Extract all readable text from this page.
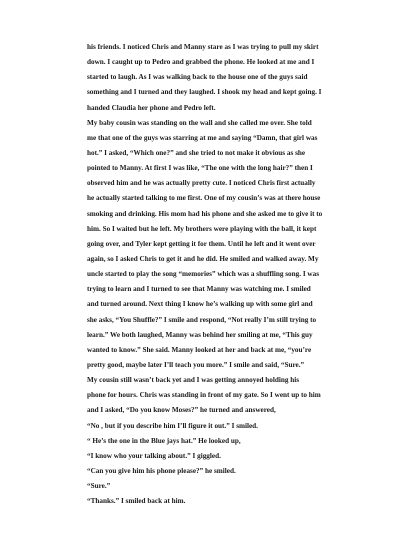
his friends. I noticed Chris and Manny stare as I was trying to pull my skirt
down. I caught up to Pedro and grabbed the phone. He looked at me and I
started to laugh. As I was walking back to the house one of the guys said
something and I turned and they laughed. I shook my head and kept going. I
handed Claudia her phone and Pedro left.
My baby cousin was standing on the wall and she called me over. She told
me that one of the guys was starring at me and saying “Damn, that girl was
hot.” I asked, “Which one?” and she tried to not make it obvious as she
pointed to Manny. At first I was like, “The one with the long hair?” then I
observed him and he was actually pretty cute. I noticed Chris first actually
he actually started talking to me first. One of my cousin’s was at there house
smoking and drinking. His mom had his phone and she asked me to give it to
him. So I waited but he left. My brothers were playing with the ball, it kept
going over, and Tyler kept getting it for them. Until he left and it went over
again, so I asked Chris to get it and he did. He smiled and walked away. My
uncle started to play the song “memories” which was a shuffling song. I was
trying to learn and I turned to see that Manny was watching me. I smiled
and turned around. Next thing I know he’s walking up with some girl and
she asks, “You Shuffle?” I smile and respond, “Not really I’m still trying to
learn.” We both laughed, Manny was behind her smiling at me, “This guy
wanted to know.” She said. Manny looked at her and back at me, “you’re
pretty good, maybe later I’ll teach you more.” I smile and said, “Sure.”
My cousin still wasn’t back yet and I was getting annoyed holding his
phone for hours. Chris was standing in front of my gate. So I went up to him
and I asked, “Do you know Moses?” he turned and answered,
“No , but if you describe him I’ll figure it out.” I smiled.
“ He’s the one in the Blue jays hat.” He looked up,
“I know who your talking about.” I giggled.
“Can you give him his phone please?” he smiled.
“Sure.”
“Thanks.” I smiled back at him.
